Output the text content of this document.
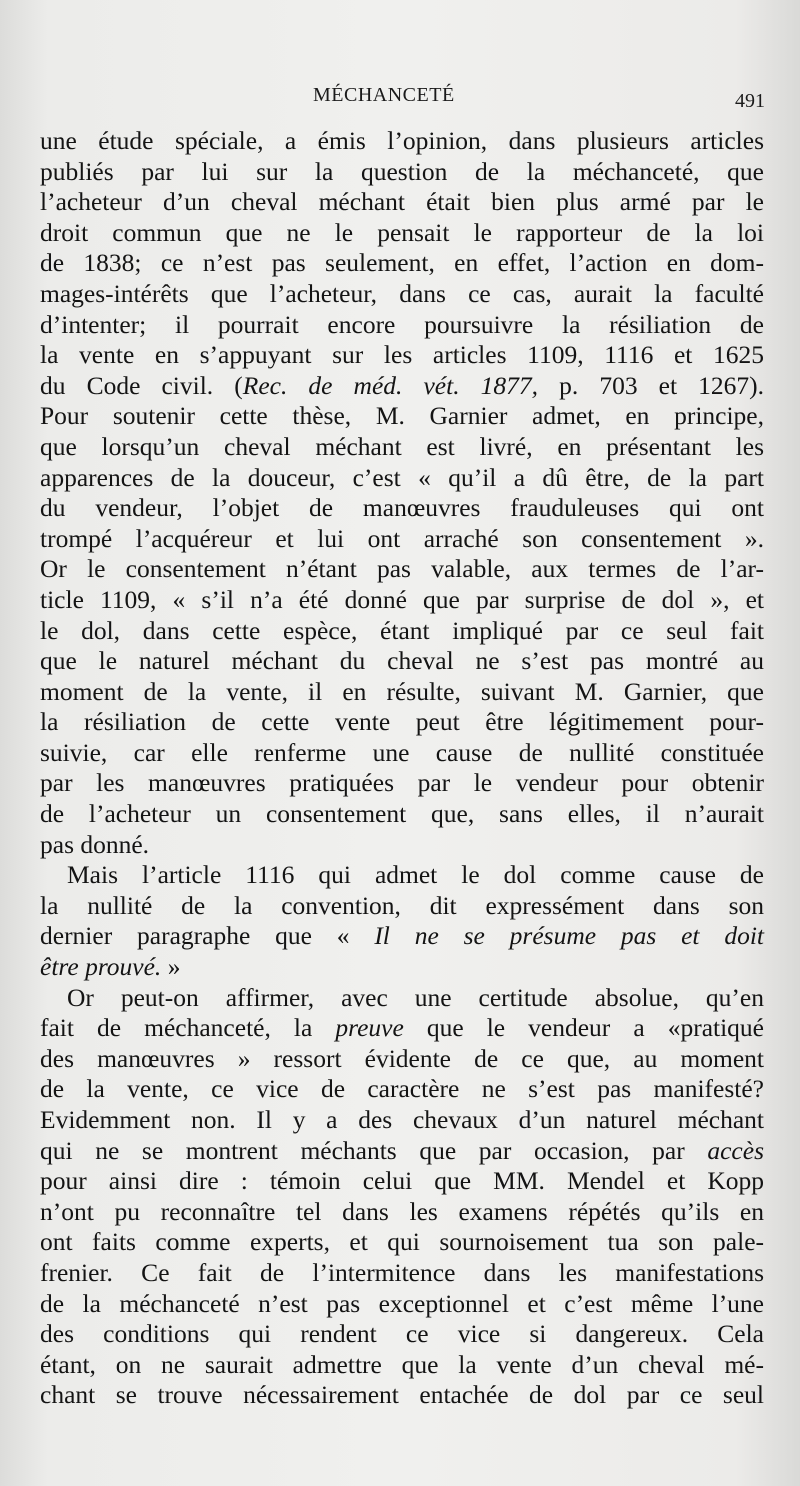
MÉCHANCETÉ	491
une étude spéciale, a émis l’opinion, dans plusieurs articles
publiés par lui sur la question de la méchanceté, que
l’acheteur d’un cheval méchant était bien plus armé par le
droit commun que ne le pensait le rapporteur de la loi
de 1838; ce n’est pas seulement, en effet, l’action en dom-
mages-intérêts que l’acheteur, dans ce cas, aurait la faculté
d’intenter; il pourrait encore poursuivre la résiliation de
la vente en s’appuyant sur les articles 1109, 1116 et 1625
du Code civil. (Rec. de méd. vét. 1877, p. 703 et 1267).
Pour soutenir cette thèse, M. Garnier admet, en principe,
que lorsqu’un cheval méchant est livré, en présentant les
apparences de la douceur, c’est « qu’il a dû être, de la part
du vendeur, l’objet de manœuvres frauduleuses qui ont
trompé l’acquéreur et lui ont arraché son consentement ».
Or le consentement n’étant pas valable, aux termes de l’ar-
ticle 1109, « s’il n’a été donné que par surprise de dol », et
le dol, dans cette espèce, étant impliqué par ce seul fait
que le naturel méchant du cheval ne s’est pas montré au
moment de la vente, il en résulte, suivant M. Garnier, que
la résiliation de cette vente peut être légitimement pour-
suivie, car elle renferme une cause de nullité constituée
par les manœuvres pratiquées par le vendeur pour obtenir
de l’acheteur un consentement que, sans elles, il n’aurait
pas donné.
Mais l’article 1116 qui admet le dol comme cause de
la nullité de la convention, dit expressément dans son
dernier paragraphe que « Il ne se présume pas et doit
être prouvé. »
Or peut-on affirmer, avec une certitude absolue, qu’en
fait de méchanceté, la preuve que le vendeur a «pratiqué
des manœuvres » ressort évidente de ce que, au moment
de la vente, ce vice de caractère ne s’est pas manifesté?
Evidemment non. Il y a des chevaux d’un naturel méchant
qui ne se montrent méchants que par occasion, par accès
pour ainsi dire : témoin celui que MM. Mendel et Kopp
n’ont pu reconnaître tel dans les examens répétés qu’ils en
ont faits comme experts, et qui sournoisement tua son pale-
frenier. Ce fait de l’intermitence dans les manifestations
de la méchanceté n’est pas exceptionnel et c’est même l’une
des conditions qui rendent ce vice si dangereux. Cela
étant, on ne saurait admettre que la vente d’un cheval mé-
chant se trouve nécessairement entachée de dol par ce seul
